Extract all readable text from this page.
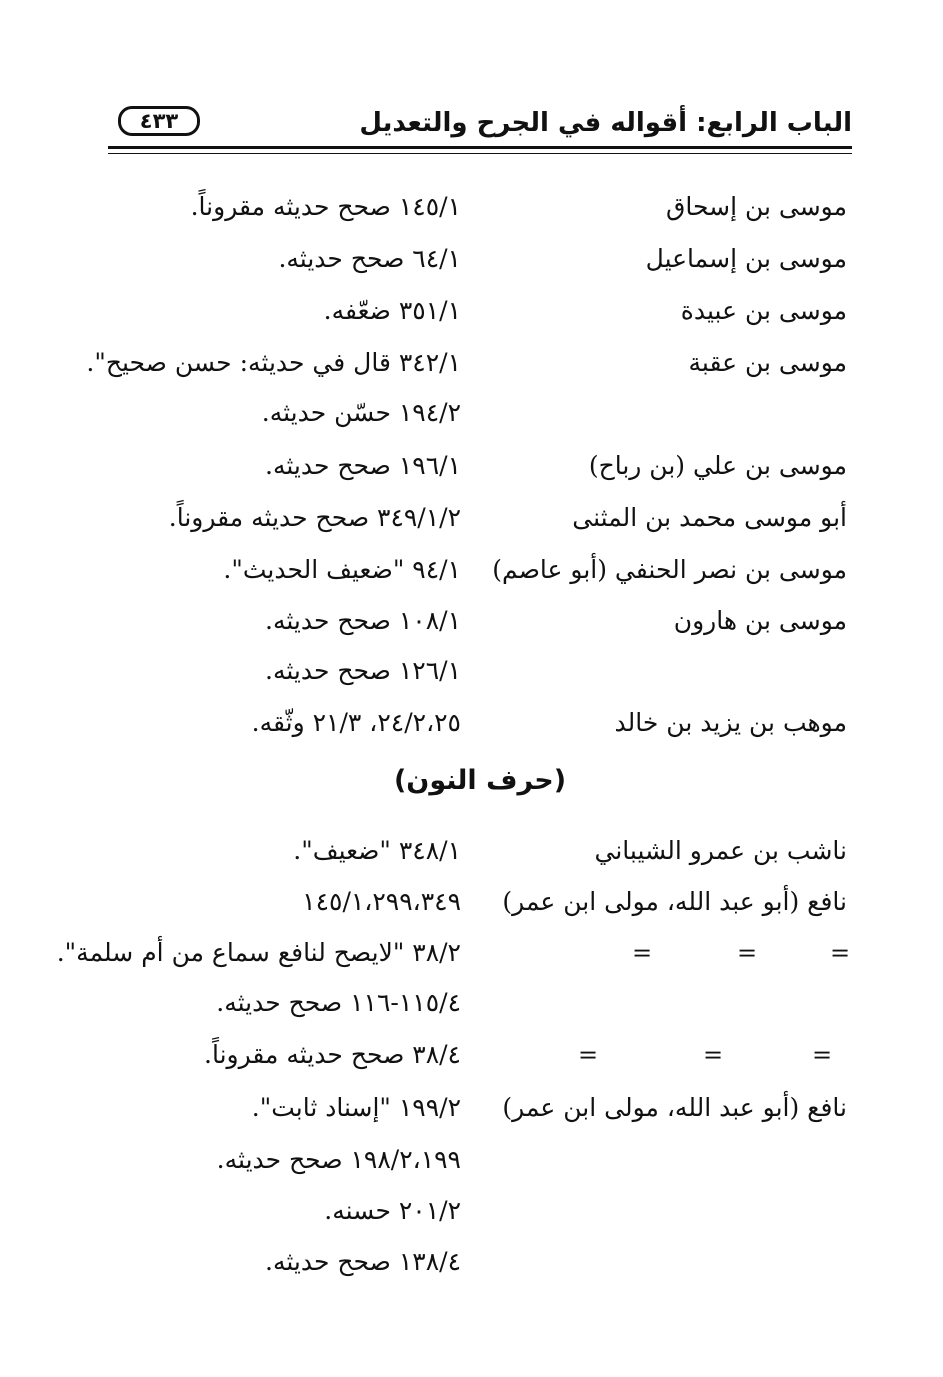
الباب الرابع: أقواله في الجرح والتعديل
٤٣٣
موسى بن إسحاق
١٤٥/١ صحح حديثه مقروناً.
موسى بن إسماعيل
٦٤/١ صحح حديثه.
موسى بن عبيدة
٣٥١/١ ضعّفه.
موسى بن عقبة
٣٤٢/١ قال في حديثه: حسن صحيح".
١٩٤/٢ حسّن حديثه.
موسى بن علي (بن رباح)
١٩٦/١ صحح حديثه.
أبو موسى محمد بن المثنى
٣٤٩/١/٢ صحح حديثه مقروناً.
موسى بن نصر الحنفي (أبو عاصم)
٩٤/١ "ضعيف الحديث".
موسى بن هارون
١٠٨/١ صحح حديثه.
١٢٦/١ صحح حديثه.
موهب بن يزيد بن خالد
٢٤/٢،٢٥، ٢١/٣ وثّقه.
(حرف النون)
ناشب بن عمرو الشيباني
٣٤٨/١ "ضعيف".
نافع (أبو عبد الله، مولى ابن عمر)
١٤٥/١،٢٩٩،٣٤٩
٣٨/٢ "لايصح لنافع سماع من أم سلمة".	=
=
=
١١٥/٤-١١٦ صحح حديثه.
٣٨/٤ صحح حديثه مقروناً.	=
=
=
نافع (أبو عبد الله، مولى ابن عمر)
١٩٩/٢ "إسناد ثابت".
١٩٨/٢،١٩٩ صحح حديثه.
٢٠١/٢ حسنه.
١٣٨/٤ صحح حديثه.
